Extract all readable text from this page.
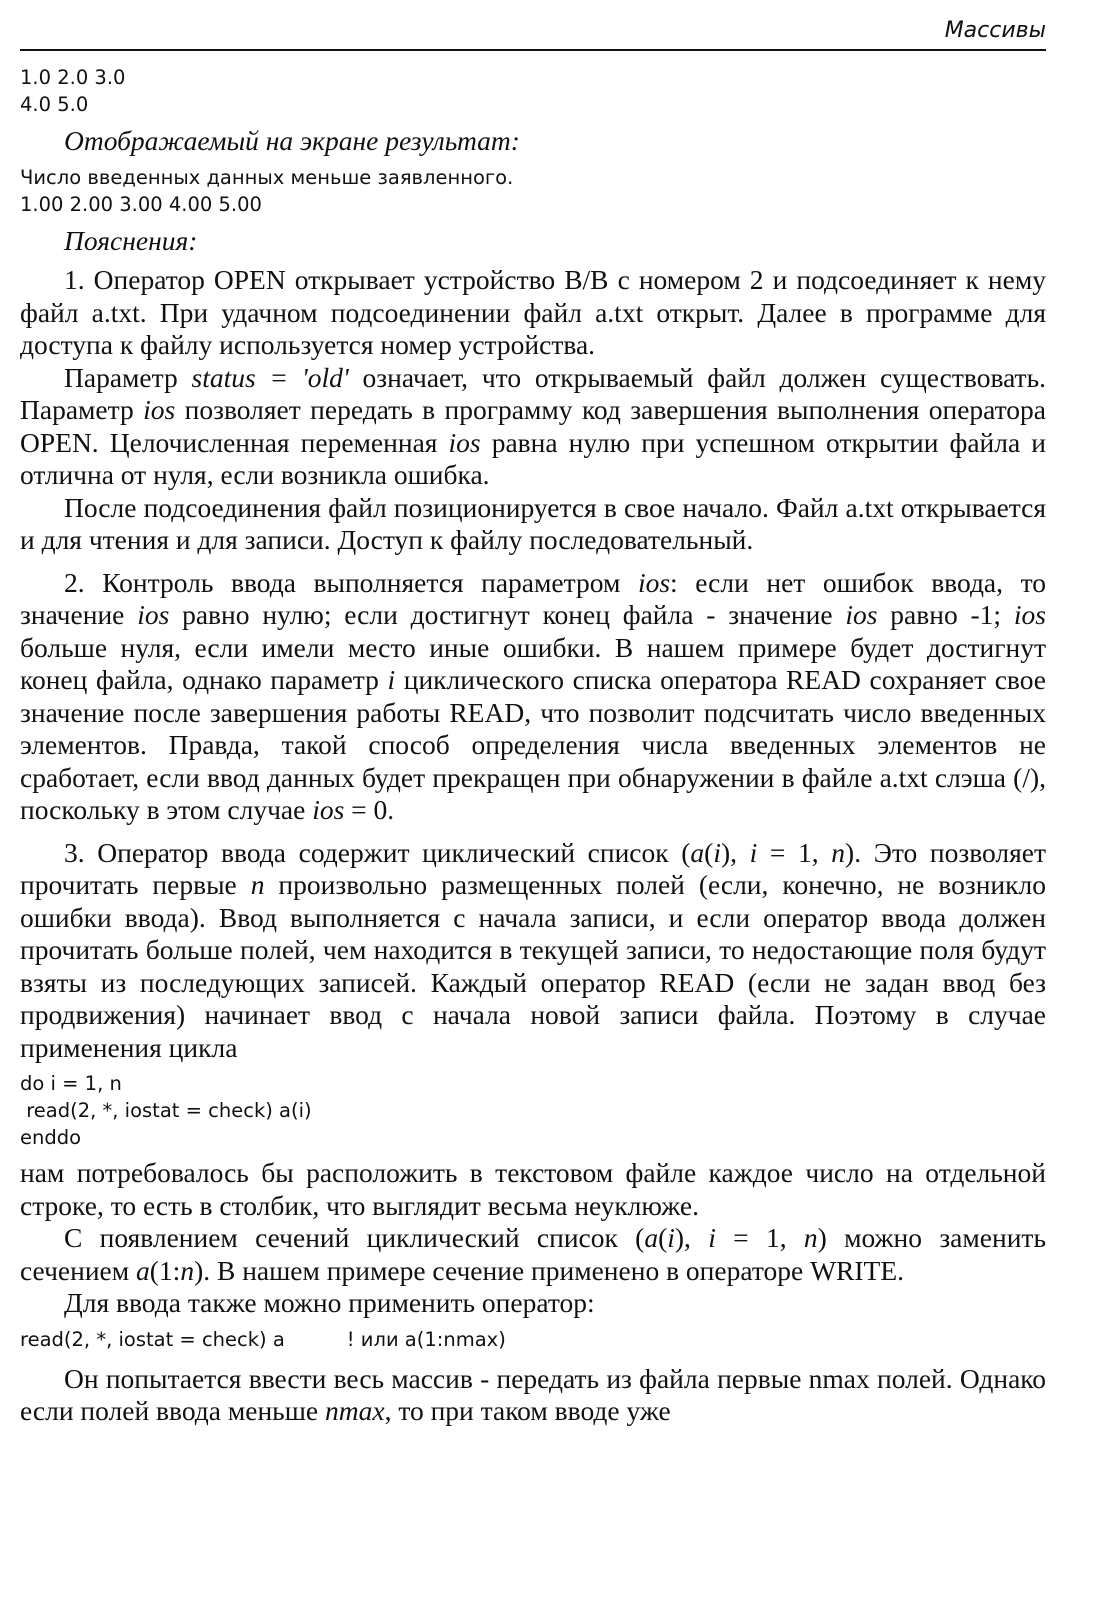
Массивы

1.0 2.0 3.0

4.0 5.0

Отображаемый на экране результат:

Число введенных данных меньше заявленного.

1.00 2.00 3.00 4.00 5.00

Пояснения:

1. Оператор OPEN открывает устройство В/В с номером 2 и подсоединяет к нему файл a.txt. При удачном подсоединении файл a.txt открыт. Далее в программе для доступа к файлу используется номер устройства.

Параметр status = 'old' означает, что открываемый файл должен существовать. Параметр ios позволяет передать в программу код завершения выполнения оператора OPEN. Целочисленная переменная ios равна нулю при успешном открытии файла и отлична от нуля, если возникла ошибка.

После подсоединения файл позиционируется в свое начало. Файл a.txt открывается и для чтения и для записи. Доступ к файлу последовательный.

2. Контроль ввода выполняется параметром ios: если нет ошибок ввода, то значение ios равно нулю; если достигнут конец файла - значение ios равно -1; ios больше нуля, если имели место иные ошибки. В нашем примере будет достигнут конец файла, однако параметр i циклического списка оператора READ сохраняет свое значение после завершения работы READ, что позволит подсчитать число введенных элементов. Правда, такой способ определения числа введенных элементов не сработает, если ввод данных будет прекращен при обнаружении в файле a.txt слэша (/), поскольку в этом случае ios = 0.

3. Оператор ввода содержит циклический список (a(i), i = 1, n). Это позволяет прочитать первые n произвольно размещенных полей (если, конечно, не возникло ошибки ввода). Ввод выполняется с начала записи, и если оператор ввода должен прочитать больше полей, чем находится в текущей записи, то недостающие поля будут взяты из последующих записей. Каждый оператор READ (если не задан ввод без продвижения) начинает ввод с начала новой записи файла. Поэтому в случае применения цикла

do i = 1, n

read(2, *, iostat = check) a(i)

enddo

нам потребовалось бы расположить в текстовом файле каждое число на отдельной строке, то есть в столбик, что выглядит весьма неуклюже.

С появлением сечений циклический список (a(i), i = 1, n) можно заменить сечением a(1:n). В нашем примере сечение применено в операторе WRITE.

Для ввода также можно применить оператор:

read(2, *, iostat = check) a          ! или a(1:nmax)

Он попытается ввести весь массив - передать из файла первые nmax полей. Однако если полей ввода меньше nmax, то при таком вводе уже
